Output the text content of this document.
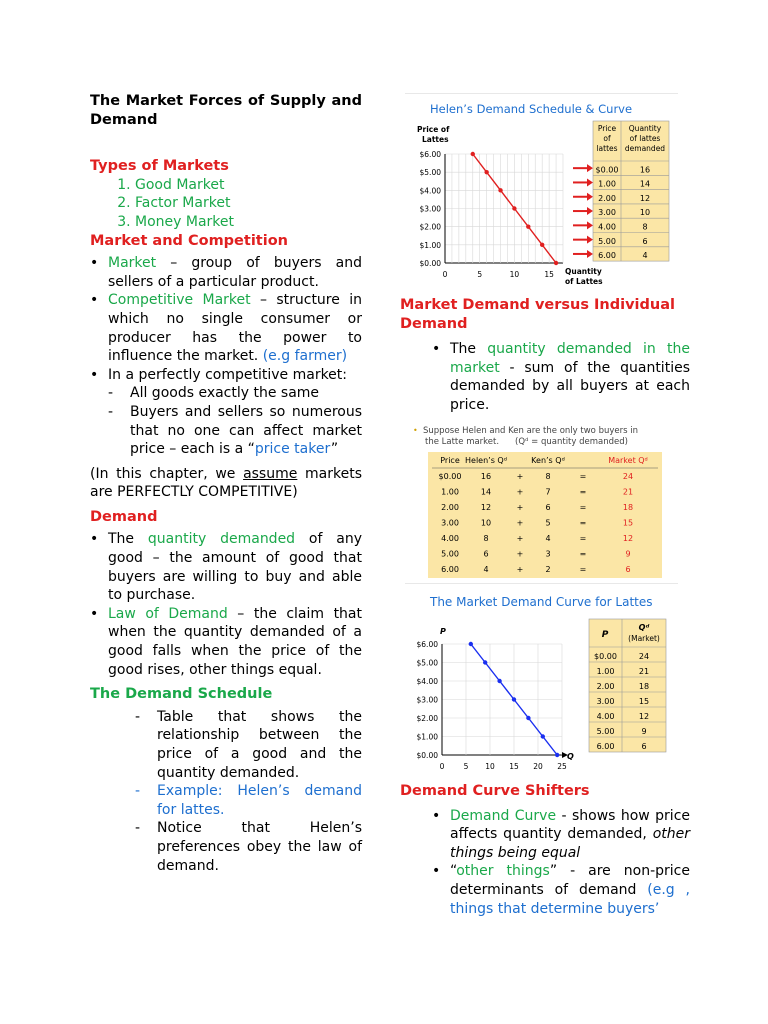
The Market Forces of Supply and Demand

Types of Markets
1. Good Market
2. Factor Market
3. Money Market
Market and Competition
• Market – group of buyers and sellers of a particular product.
• Competitive Market – structure in which no single consumer or producer has the power to influence the market. (e.g farmer)
• In a perfectly competitive market:
- All goods exactly the same
- Buyers and sellers so numerous that no one can affect market price – each is a “price taker”

(In this chapter, we assume markets are PERFECTLY COMPETITIVE)

Demand
• The quantity demanded of any good – the amount of good that buyers are willing to buy and able to purchase.
• Law of Demand – the claim that when the quantity demanded of a good falls when the price of the good rises, other things equal.
The Demand Schedule
- Table that shows the relationship between the price of a good and the quantity demanded.
- Example: Helen’s demand for lattes.
- Notice that Helen’s preferences obey the law of demand.
Helen’s Demand Schedule & Curve
Price of
Lattes
$6.00
$5.00
$4.00
$3.00
$2.00
$1.00
$0.00
0	5	10	15 Quantity
of Lattes
Price
of
lattes
Quantity
of lattes
demanded
$0.00	16
1.00	14
2.00	12
3.00	10
4.00	8
5.00	6
6.00	4
Market Demand versus Individual Demand
• The quantity demanded in the market - sum of the quantities demanded by all buyers at each price.
• Suppose Helen and Ken are the only two buyers in
the Latte market. (Qᵈ = quantity demanded)
Price Helen’s Qᵈ	Ken’s Qᵈ	Market Qᵈ
$0.00 16	+	8	=	24
1.00	14	+	7	=	21
2.00	12	+	6	=	18
3.00	10	+	5	=	15
4.00	8	+	4	=	12
5.00	6	+	3	=	9
6.00	4	+	2	=	6
The Market Demand Curve for Lattes
P
$6.00
$5.00
$4.00
$3.00
$2.00
$1.00
$0.00
0	5 10 15 20 25
Q
P
Qᵈ
(Market)
$0.00	24
1.00	21
2.00	18
3.00	15
4.00	12
5.00	9
6.00	6
Demand Curve Shifters
• Demand Curve - shows how price affects quantity demanded, other things being equal
• “other things” - are non-price determinants of demand (e.g , things that determine buyers’
